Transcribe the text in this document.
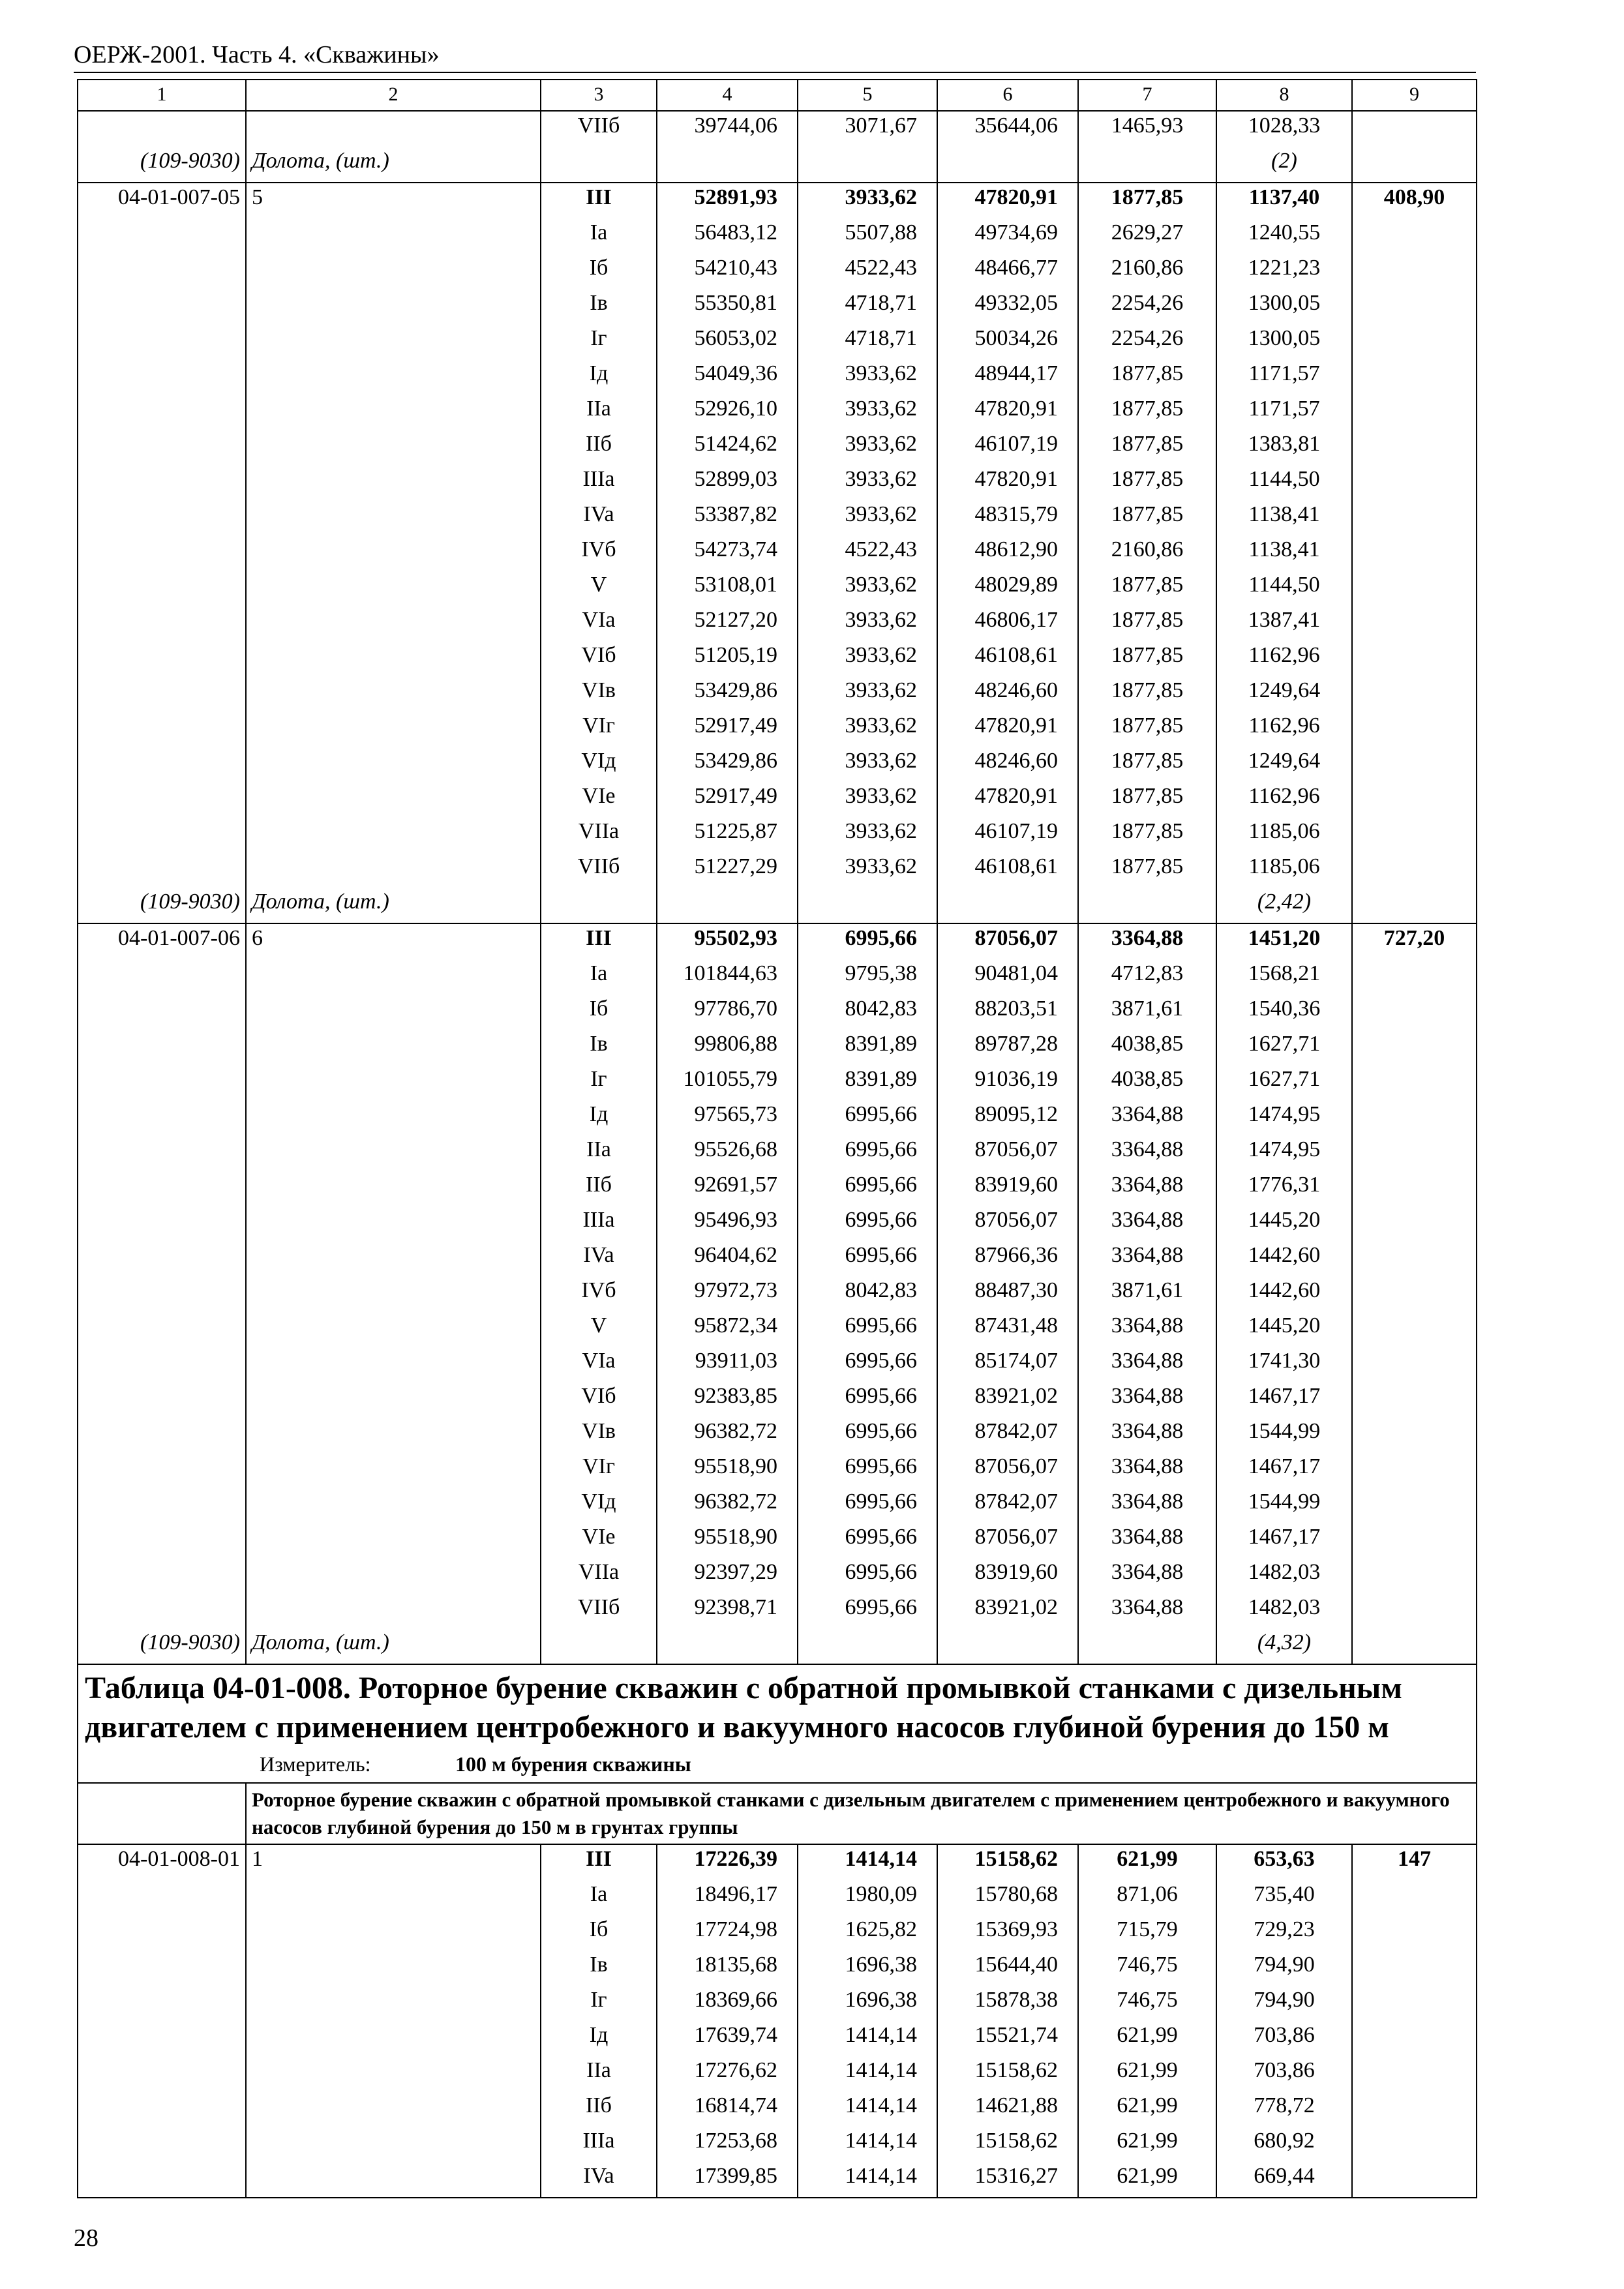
ОЕРЖ-2001. Часть 4. «Скважины»
1	2	3	4	5	6	7	8	9
		VIIб	39744,06	3071,67	35644,06	1465,93	1028,33	
(109-9030)	Долота, (шт.)						(2)	
04-01-007-05	5	III	52891,93	3933,62	47820,91	1877,85	1137,40	408,90
		Ia	56483,12	5507,88	49734,69	2629,27	1240,55	
		Iб	54210,43	4522,43	48466,77	2160,86	1221,23	
		Iв	55350,81	4718,71	49332,05	2254,26	1300,05	
		Iг	56053,02	4718,71	50034,26	2254,26	1300,05	
		Iд	54049,36	3933,62	48944,17	1877,85	1171,57	
		IIa	52926,10	3933,62	47820,91	1877,85	1171,57	
		IIб	51424,62	3933,62	46107,19	1877,85	1383,81	
		IIIa	52899,03	3933,62	47820,91	1877,85	1144,50	
		IVa	53387,82	3933,62	48315,79	1877,85	1138,41	
		IVб	54273,74	4522,43	48612,90	2160,86	1138,41	
		V	53108,01	3933,62	48029,89	1877,85	1144,50	
		VIa	52127,20	3933,62	46806,17	1877,85	1387,41	
		VIб	51205,19	3933,62	46108,61	1877,85	1162,96	
		VIв	53429,86	3933,62	48246,60	1877,85	1249,64	
		VIг	52917,49	3933,62	47820,91	1877,85	1162,96	
		VIд	53429,86	3933,62	48246,60	1877,85	1249,64	
		VIe	52917,49	3933,62	47820,91	1877,85	1162,96	
		VIIa	51225,87	3933,62	46107,19	1877,85	1185,06	
		VIIб	51227,29	3933,62	46108,61	1877,85	1185,06	
(109-9030)	Долота, (шт.)						(2,42)	
04-01-007-06	6	III	95502,93	6995,66	87056,07	3364,88	1451,20	727,20
		Ia	101844,63	9795,38	90481,04	4712,83	1568,21	
		Iб	97786,70	8042,83	88203,51	3871,61	1540,36	
		Iв	99806,88	8391,89	89787,28	4038,85	1627,71	
		Iг	101055,79	8391,89	91036,19	4038,85	1627,71	
		Iд	97565,73	6995,66	89095,12	3364,88	1474,95	
		IIa	95526,68	6995,66	87056,07	3364,88	1474,95	
		IIб	92691,57	6995,66	83919,60	3364,88	1776,31	
		IIIa	95496,93	6995,66	87056,07	3364,88	1445,20	
		IVa	96404,62	6995,66	87966,36	3364,88	1442,60	
		IVб	97972,73	8042,83	88487,30	3871,61	1442,60	
		V	95872,34	6995,66	87431,48	3364,88	1445,20	
		VIa	93911,03	6995,66	85174,07	3364,88	1741,30	
		VIб	92383,85	6995,66	83921,02	3364,88	1467,17	
		VIв	96382,72	6995,66	87842,07	3364,88	1544,99	
		VIг	95518,90	6995,66	87056,07	3364,88	1467,17	
		VIд	96382,72	6995,66	87842,07	3364,88	1544,99	
		VIe	95518,90	6995,66	87056,07	3364,88	1467,17	
		VIIa	92397,29	6995,66	83919,60	3364,88	1482,03	
		VIIб	92398,71	6995,66	83921,02	3364,88	1482,03	
(109-9030)	Долота, (шт.)						(4,32)	

Таблица 04-01-008. Роторное бурение скважин с обратной промывкой станками с дизельным двигателем с применением центробежного и вакуумного насосов глубиной бурения до 150 м								

Измеритель: 100 м бурения скважины								
	Роторное бурение скважин с обратной промывкой станками с дизельным двигателем с применением центробежного и вакуумного насосов глубиной бурения до 150 м в грунтах группы							
04-01-008-01	1	III	17226,39	1414,14	15158,62	621,99	653,63	147
		Ia	18496,17	1980,09	15780,68	871,06	735,40	
		Iб	17724,98	1625,82	15369,93	715,79	729,23	
		Iв	18135,68	1696,38	15644,40	746,75	794,90	
		Iг	18369,66	1696,38	15878,38	746,75	794,90	
		Iд	17639,74	1414,14	15521,74	621,99	703,86	
		IIa	17276,62	1414,14	15158,62	621,99	703,86	
		IIб	16814,74	1414,14	14621,88	621,99	778,72	
		IIIa	17253,68	1414,14	15158,62	621,99	680,92	
		IVa	17399,85	1414,14	15316,27	621,99	669,44	
28
